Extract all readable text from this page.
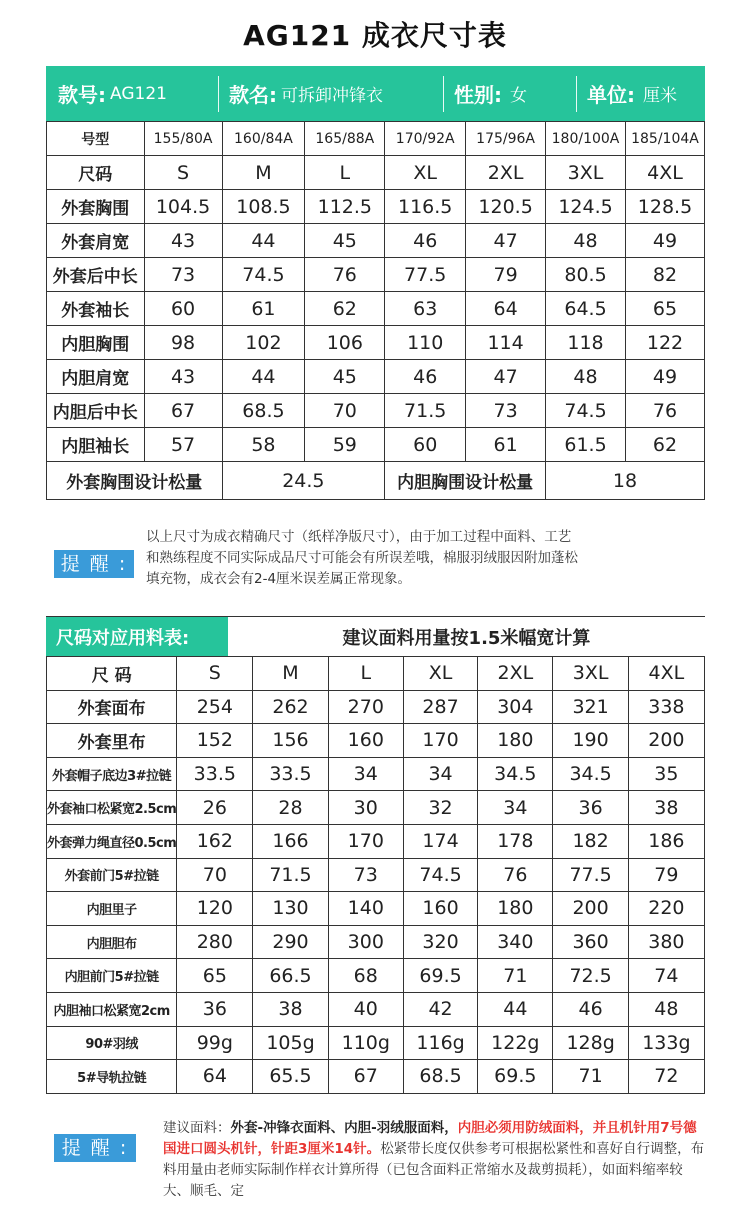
AG121 成衣尺寸表
款号: AG121	款名: 可拆卸冲锋衣	性别: 女	单位: 厘米
号型	155/80A	160/84A	165/88A	170/92A	175/96A	180/100A	185/104A
尺码	S	M	L	XL	2XL	3XL	4XL
外套胸围	104.5	108.5	112.5	116.5	120.5	124.5	128.5
外套肩宽	43	44	45	46	47	48	49
外套后中长	73	74.5	76	77.5	79	80.5	82
外套袖长	60	61	62	63	64	64.5	65
内胆胸围	98	102	106	110	114	118	122
内胆肩宽	43	44	45	46	47	48	49
内胆后中长	67	68.5	70	71.5	73	74.5	76
内胆袖长	57	58	59	60	61	61.5	62
外套胸围设计松量		24.5		内胆胸围设计松量		18	
提 醒 :
以上尺寸为成衣精确尺寸（纸样净版尺寸），由于加工过程中面料、工艺
和熟练程度不同实际成品尺寸可能会有所误差哦，棉服羽绒服因附加蓬松
填充物，成衣会有2-4厘米误差属正常现象。
尺码对应用料表:	建议面料用量按1.5米幅宽计算
尺 码	S	M	L	XL	2XL	3XL	4XL
外套面布	254	262	270	287	304	321	338
外套里布	152	156	160	170	180	190	200
外套帽子底边3#拉链	33.5	33.5	34	34	34.5	34.5	35
外套袖口松紧宽2.5cm	26	28	30	32	34	36	38
外套弹力绳直径0.5cm	162	166	170	174	178	182	186
外套前门5#拉链	70	71.5	73	74.5	76	77.5	79
内胆里子	120	130	140	160	180	200	220
内胆胆布	280	290	300	320	340	360	380
内胆前门5#拉链	65	66.5	68	69.5	71	72.5	74
内胆袖口松紧宽2cm	36	38	40	42	44	46	48
90#羽绒	99g	105g	110g	116g	122g	128g	133g
5#导轨拉链	64	65.5	67	68.5	69.5	71	72
提 醒 :
建议面料：外套-冲锋衣面料、内胆-羽绒服面料，内胆必须用防绒面料，并且机针用7号德国进口圆头机针，针距3厘米14针。松紧带长度仅供参考可根据松紧性和喜好自行调整，布料用量由老师实际制作样衣计算所得（已包含面料正常缩水及裁剪损耗），如面料缩率较大、顺毛、定
